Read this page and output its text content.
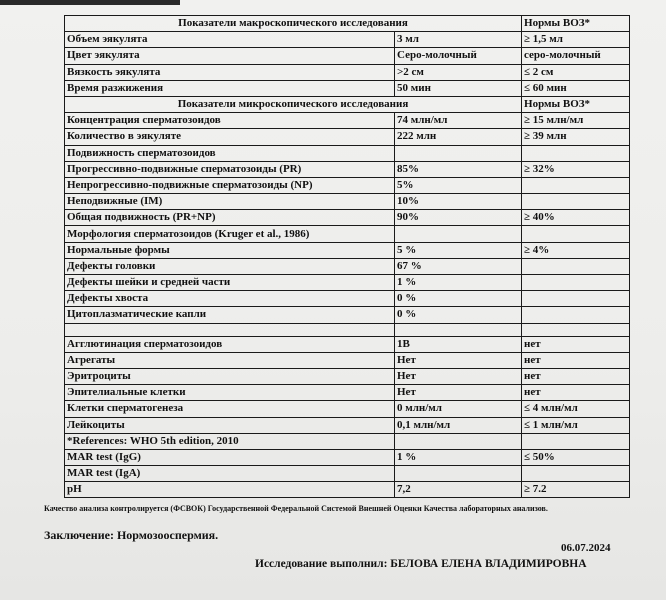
Показатели макроскопического исследования		Нормы ВОЗ*
Объем эякулята	3 мл	≥ 1,5 мл
Цвет эякулята	Серо-молочный	серо-молочный
Вязкость эякулята	>2 см	≤ 2 см
Время разжижения	50 мин	≤ 60 мин
Показатели микроскопического исследования		Нормы ВОЗ*
Концентрация сперматозоидов	74 млн/мл	≥ 15 млн/мл
Количество в эякуляте	222 млн	≥ 39 млн
Подвижность сперматозоидов		
Прогрессивно-подвижные сперматозоиды (PR)	85%	≥ 32%
Непрогрессивно-подвижные сперматозоиды (NP)	5%	
Неподвижные (IM)	10%	
Общая подвижность (PR+NP)	90%	≥ 40%
Морфология сперматозоидов (Kruger et al., 1986)		
Нормальные формы	5 %	≥ 4%
Дефекты головки	67 %	
Дефекты шейки и средней части	1 %	
Дефекты хвоста	0 %	
Цитоплазматические капли	0 %	

Агглютинация сперматозоидов	1В	нет
Агрегаты	Нет	нет
Эритроциты	Нет	нет
Эпителиальные клетки	Нет	нет
Клетки сперматогенеза	0 млн/мл	≤ 4 млн/мл
Лейкоциты	0,1 млн/мл	≤ 1 млн/мл
*References: WHO 5th edition, 2010		
MAR test (IgG)	1 %	≤ 50%
MAR test (IgA)		
pH	7,2	≥ 7.2
Качество анализа контролируется (ФСВОК) Государственной Федеральной Системой Внешней Оценки Качества лабораторных анализов.
Заключение: Нормозооспермия.
06.07.2024
Исследование выполнил: БЕЛОВА ЕЛЕНА ВЛАДИМИРОВНА
